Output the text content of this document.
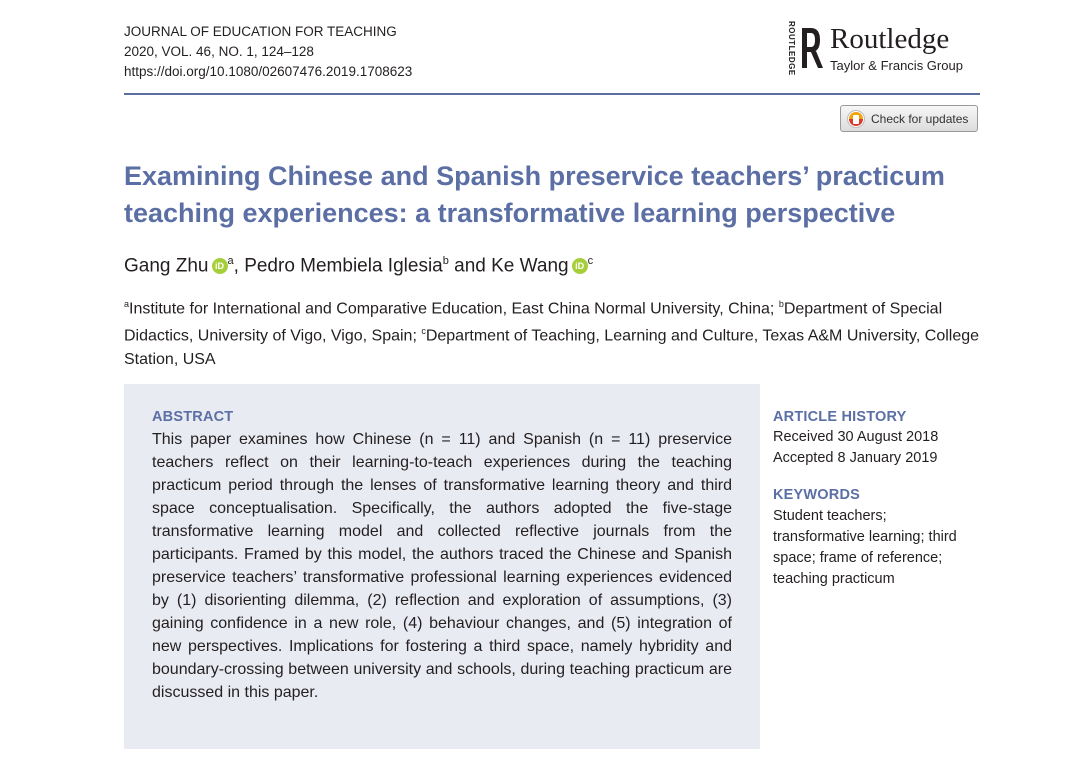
JOURNAL OF EDUCATION FOR TEACHING
2020, VOL. 46, NO. 1, 124–128
https://doi.org/10.1080/02607476.2019.1708623	ROUTLEDGE Routledge
Taylor & Francis Group
Check for updates
Examining Chinese and Spanish preservice teachers’ practicum teaching experiences: a transformative learning perspective
Gang Zhu iD $^a$, Pedro Membiela Iglesia$^b$ and Ke Wang iD $^c$
$^a$Institute for International and Comparative Education, East China Normal University, China; $^b$Department of Special Didactics, University of Vigo, Vigo, Spain; $^c$Department of Teaching, Learning and Culture, Texas A&M University, College Station, USA
ABSTRACT
This paper examines how Chinese (n = 11) and Spanish (n = 11) preservice teachers reflect on their learning-to-teach experiences during the teaching practicum period through the lenses of transformative learning theory and third space conceptualisation. Specifically, the authors adopted the five-stage transformative learning model and collected reflective journals from the participants. Framed by this model, the authors traced the Chinese and Spanish preservice teachers’ transformative professional learning experiences evidenced by (1) disorienting dilemma, (2) reflection and exploration of assumptions, (3) gaining confidence in a new role, (4) behaviour changes, and (5) integration of new perspectives. Implications for fostering a third space, namely hybridity and boundary-crossing between university and schools, during teaching practicum are discussed in this paper.
ARTICLE HISTORY
Received 30 August 2018
Accepted 8 January 2019
KEYWORDS
Student teachers; transformative learning; third space; frame of reference; teaching practicum
